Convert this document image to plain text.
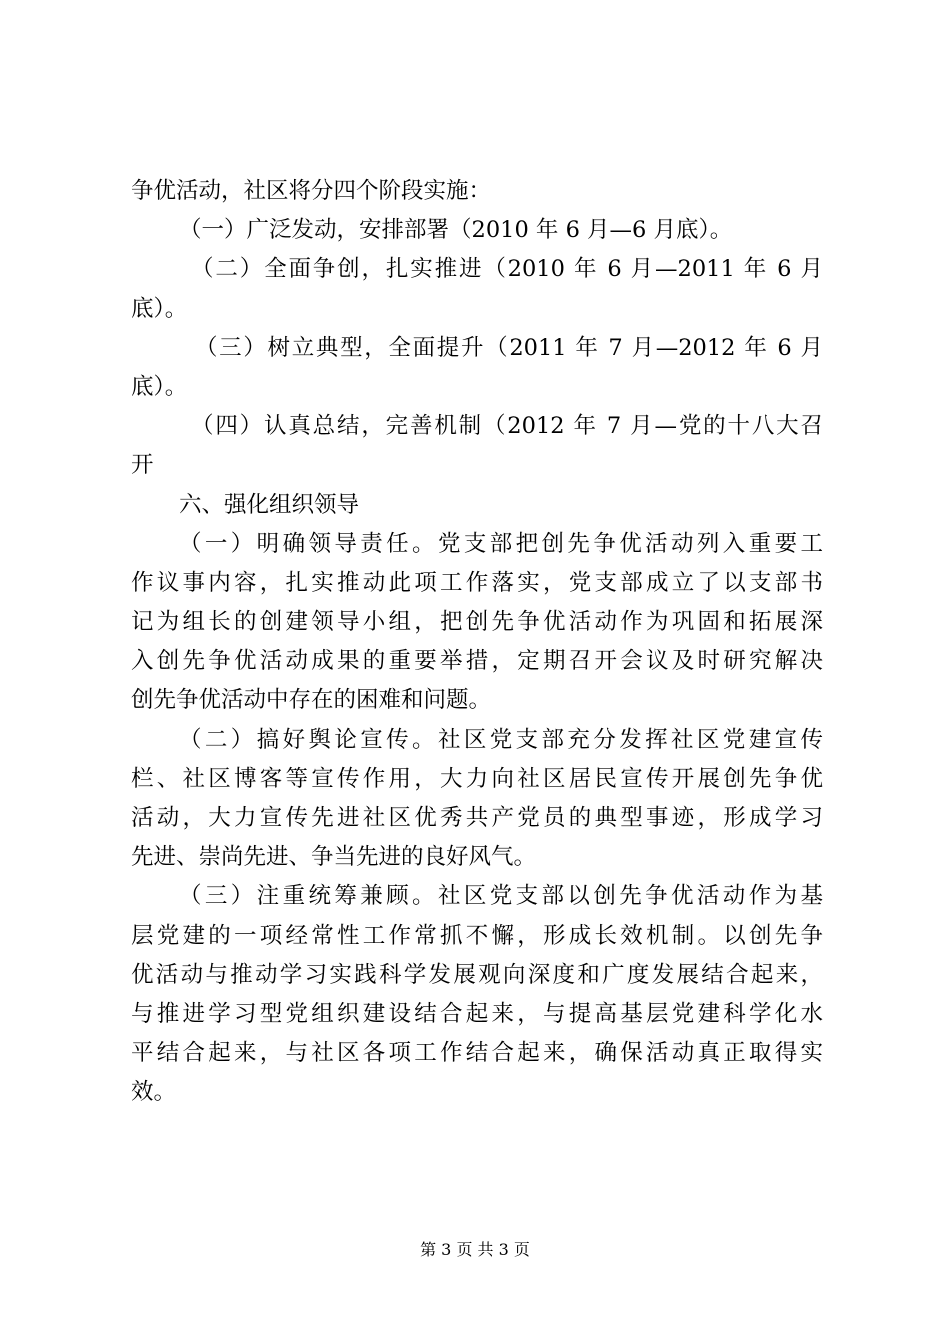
争优活动，社区将分四个阶段实施：
（一）广泛发动，安排部署（2010 年 6 月—6 月底）。
（二）全面争创，扎实推进（2010 年 6 月—2011 年 6 月
底）。
（三）树立典型，全面提升（2011 年 7 月—2012 年 6 月
底）。
（四）认真总结，完善机制（2012 年 7 月—党的十八大召
开
六、强化组织领导
（一）明确领导责任。党支部把创先争优活动列入重要工
作议事内容，扎实推动此项工作落实，党支部成立了以支部书
记为组长的创建领导小组，把创先争优活动作为巩固和拓展深
入创先争优活动成果的重要举措，定期召开会议及时研究解决
创先争优活动中存在的困难和问题。
（二）搞好舆论宣传。社区党支部充分发挥社区党建宣传
栏、社区博客等宣传作用，大力向社区居民宣传开展创先争优
活动，大力宣传先进社区优秀共产党员的典型事迹，形成学习
先进、崇尚先进、争当先进的良好风气。
（三）注重统筹兼顾。社区党支部以创先争优活动作为基
层党建的一项经常性工作常抓不懈，形成长效机制。以创先争
优活动与推动学习实践科学发展观向深度和广度发展结合起来，
与推进学习型党组织建设结合起来，与提高基层党建科学化水
平结合起来，与社区各项工作结合起来，确保活动真正取得实
效。
第 3 页 共 3 页
